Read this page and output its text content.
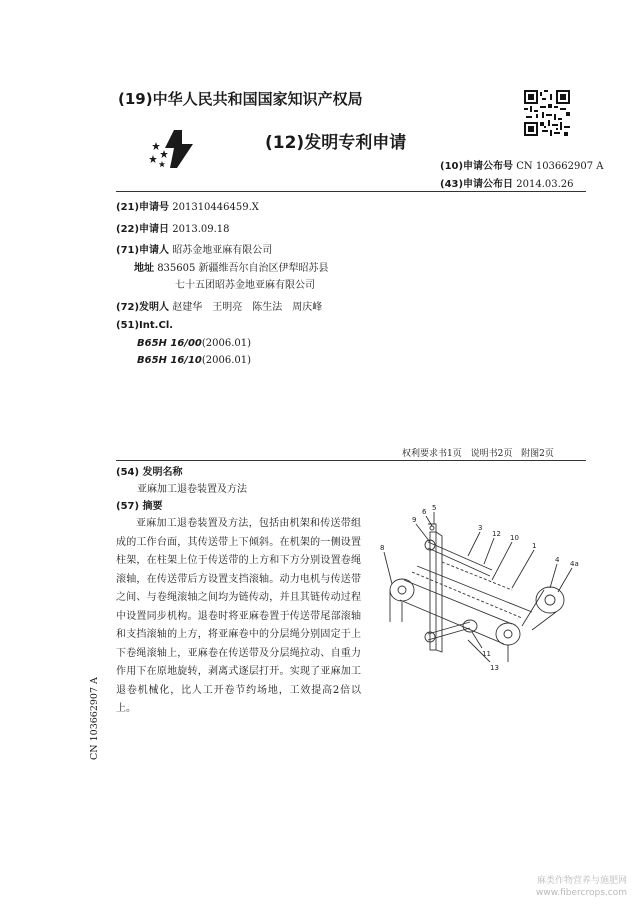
(19)中华人民共和国国家知识产权局
(12)发明专利申请
(10)申请公布号 CN 103662907 A
(43)申请公布日 2014.03.26
(21)申请号 201310446459.X
(22)申请日 2013.09.18
(71)申请人 昭苏金地亚麻有限公司
地址 835605 新疆维吾尔自治区伊犁昭苏县
七十五团昭苏金地亚麻有限公司
(72)发明人 赵建华　王明亮　陈生法　周庆峰
(51)Int.Cl.
B65H 16/00(2006.01)
B65H 16/10(2006.01)
权利要求书1页 说明书2页 附图2页
(54) 发明名称
亚麻加工退卷装置及方法
(57) 摘要
亚麻加工退卷装置及方法，包括由机架和传送带组成的工作台面，其传送带上下倾斜。在机架的一侧设置柱架，在柱架上位于传送带的上方和下方分别设置卷绳滚轴，在传送带后方设置支挡滚轴。动力电机与传送带之间、与卷绳滚轴之间均为链传动，并且其链传动过程中设置同步机构。退卷时将亚麻卷置于传送带尾部滚轴和支挡滚轴的上方，将亚麻卷中的分层绳分别固定于上下卷绳滚轴上，亚麻卷在传送带及分层绳拉动、自重力作用下在原地旋转，剥离式逐层打开。实现了亚麻加工退卷机械化，比人工开卷节约场地，工效提高2倍以上。
9
6 5
3
12 10
1
4 4a
8
11
13
CN 103662907 A
麻类作物营养与施肥网
www.fibercrops.com
